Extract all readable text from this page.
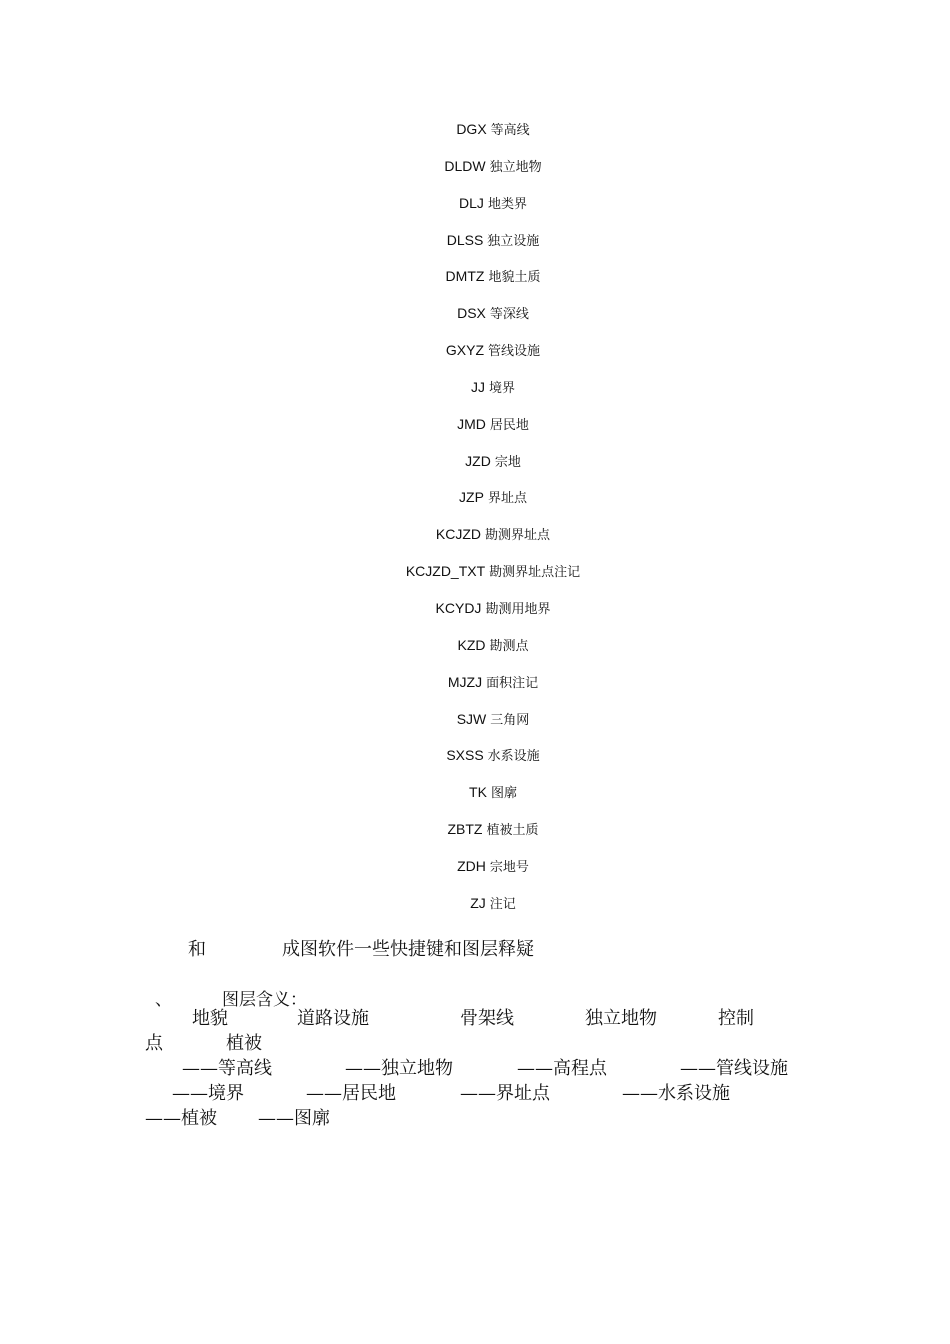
DGX 等高线
DLDW 独立地物
DLJ 地类界
DLSS 独立设施
DMTZ 地貌土质
DSX 等深线
GXYZ 管线设施
JJ 境界
JMD 居民地
JZD 宗地
JZP 界址点
KCJZD 勘测界址点
KCJZD_TXT 勘测界址点注记
KCYDJ 勘测用地界
KZD 勘测点
MJZJ 面积注记
SJW 三角网
SXSS 水系设施
TK 图廓
ZBTZ 植被土质
ZDH 宗地号
ZJ 注记
和	成图软件一些快捷键和图层释疑
、	图层含义：
地貌	道路设施	骨架线	独立地物	控制
点	植被
——等高线	——独立地物	——高程点	——管线设施
——境界	——居民地	——界址点	——水系设施
——植被 ——图廓
